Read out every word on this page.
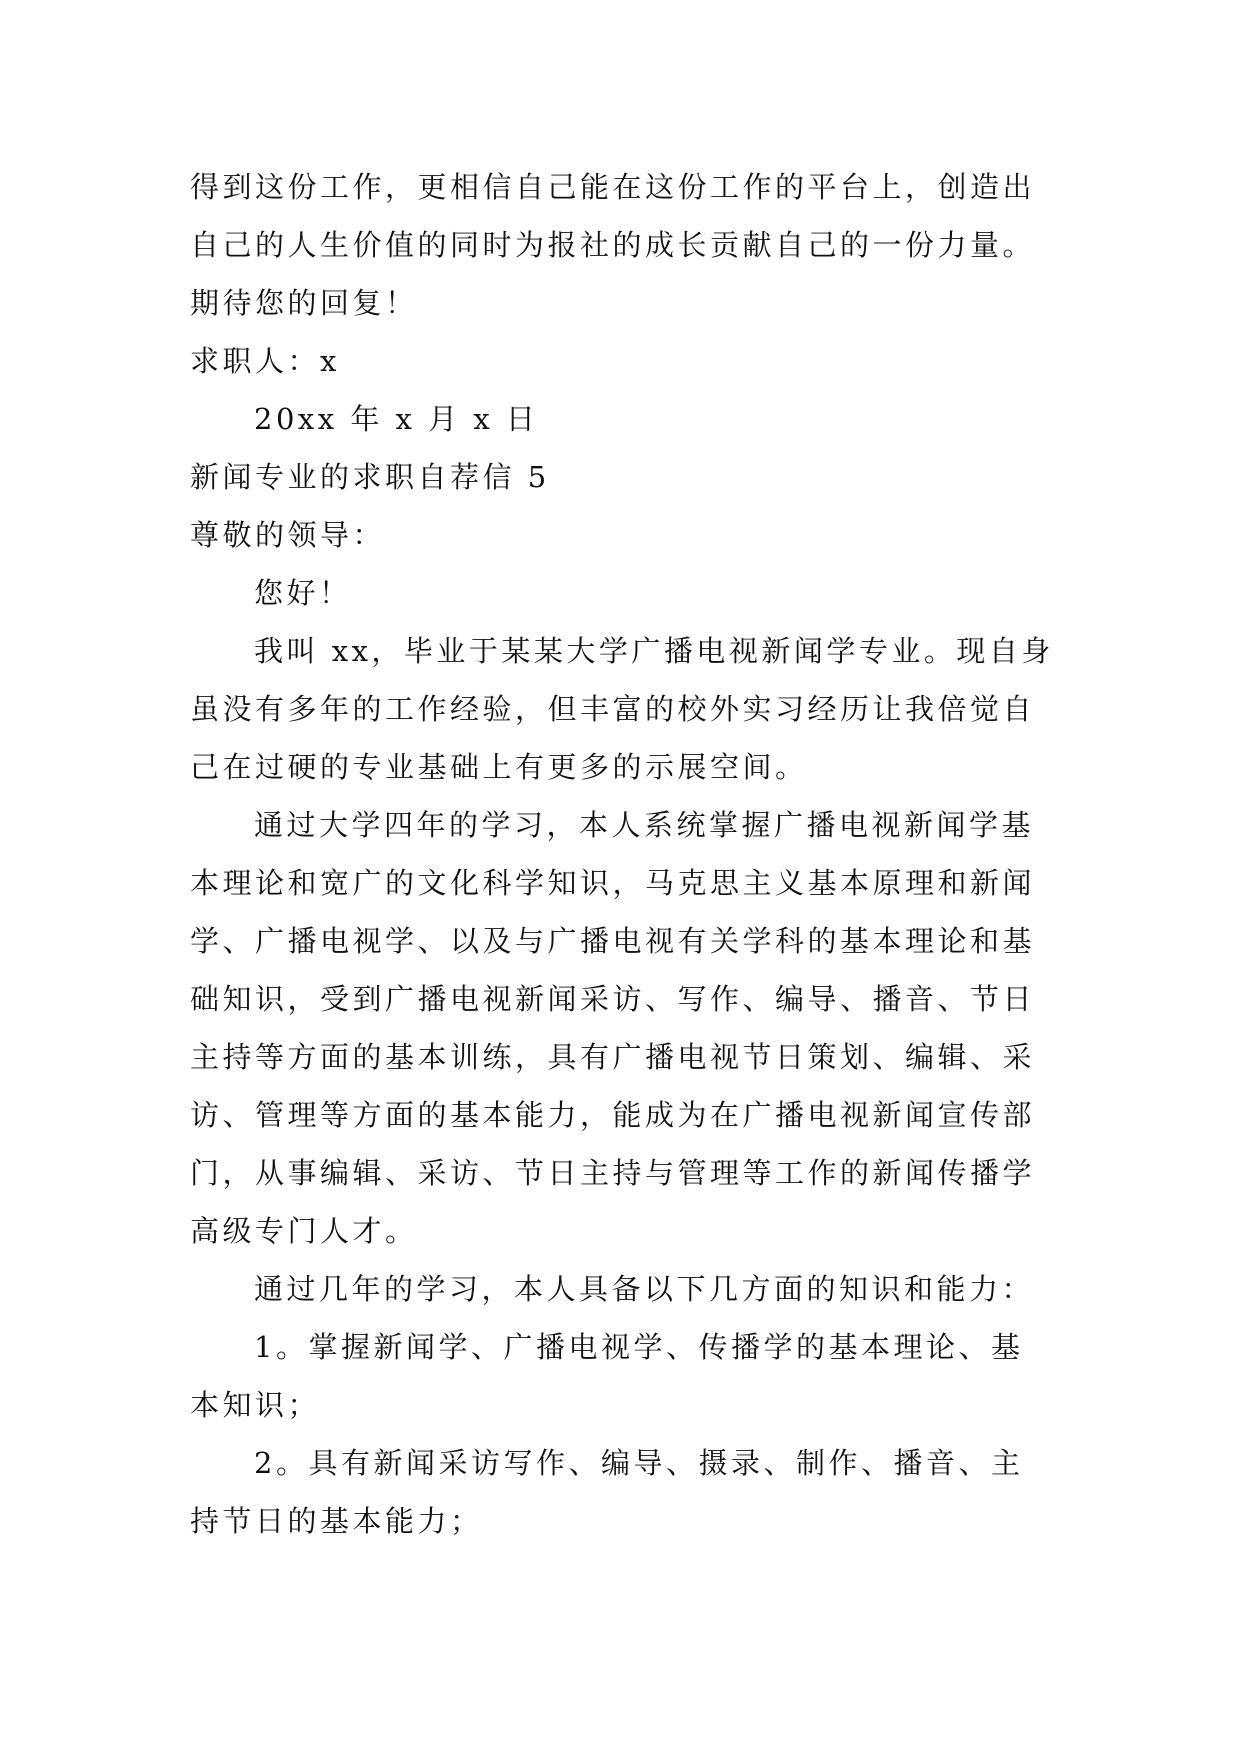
得到这份工作，更相信自己能在这份工作的平台上，创造出
自己的人生价值的同时为报社的成长贡献自己的一份力量。
期待您的回复！
求职人：x
20xx 年 x 月 x 日
新闻专业的求职自荐信 5
尊敬的领导：
您好！
我叫 xx，毕业于某某大学广播电视新闻学专业。现自身
虽没有多年的工作经验，但丰富的校外实习经历让我倍觉自
己在过硬的专业基础上有更多的示展空间。
通过大学四年的学习，本人系统掌握广播电视新闻学基
本理论和宽广的文化科学知识，马克思主义基本原理和新闻
学、广播电视学、以及与广播电视有关学科的基本理论和基
础知识，受到广播电视新闻采访、写作、编导、播音、节日
主持等方面的基本训练，具有广播电视节日策划、编辑、采
访、管理等方面的基本能力，能成为在广播电视新闻宣传部
门，从事编辑、采访、节日主持与管理等工作的新闻传播学
高级专门人才。
通过几年的学习，本人具备以下几方面的知识和能力：
1。掌握新闻学、广播电视学、传播学的基本理论、基
本知识；
2。具有新闻采访写作、编导、摄录、制作、播音、主
持节日的基本能力；
